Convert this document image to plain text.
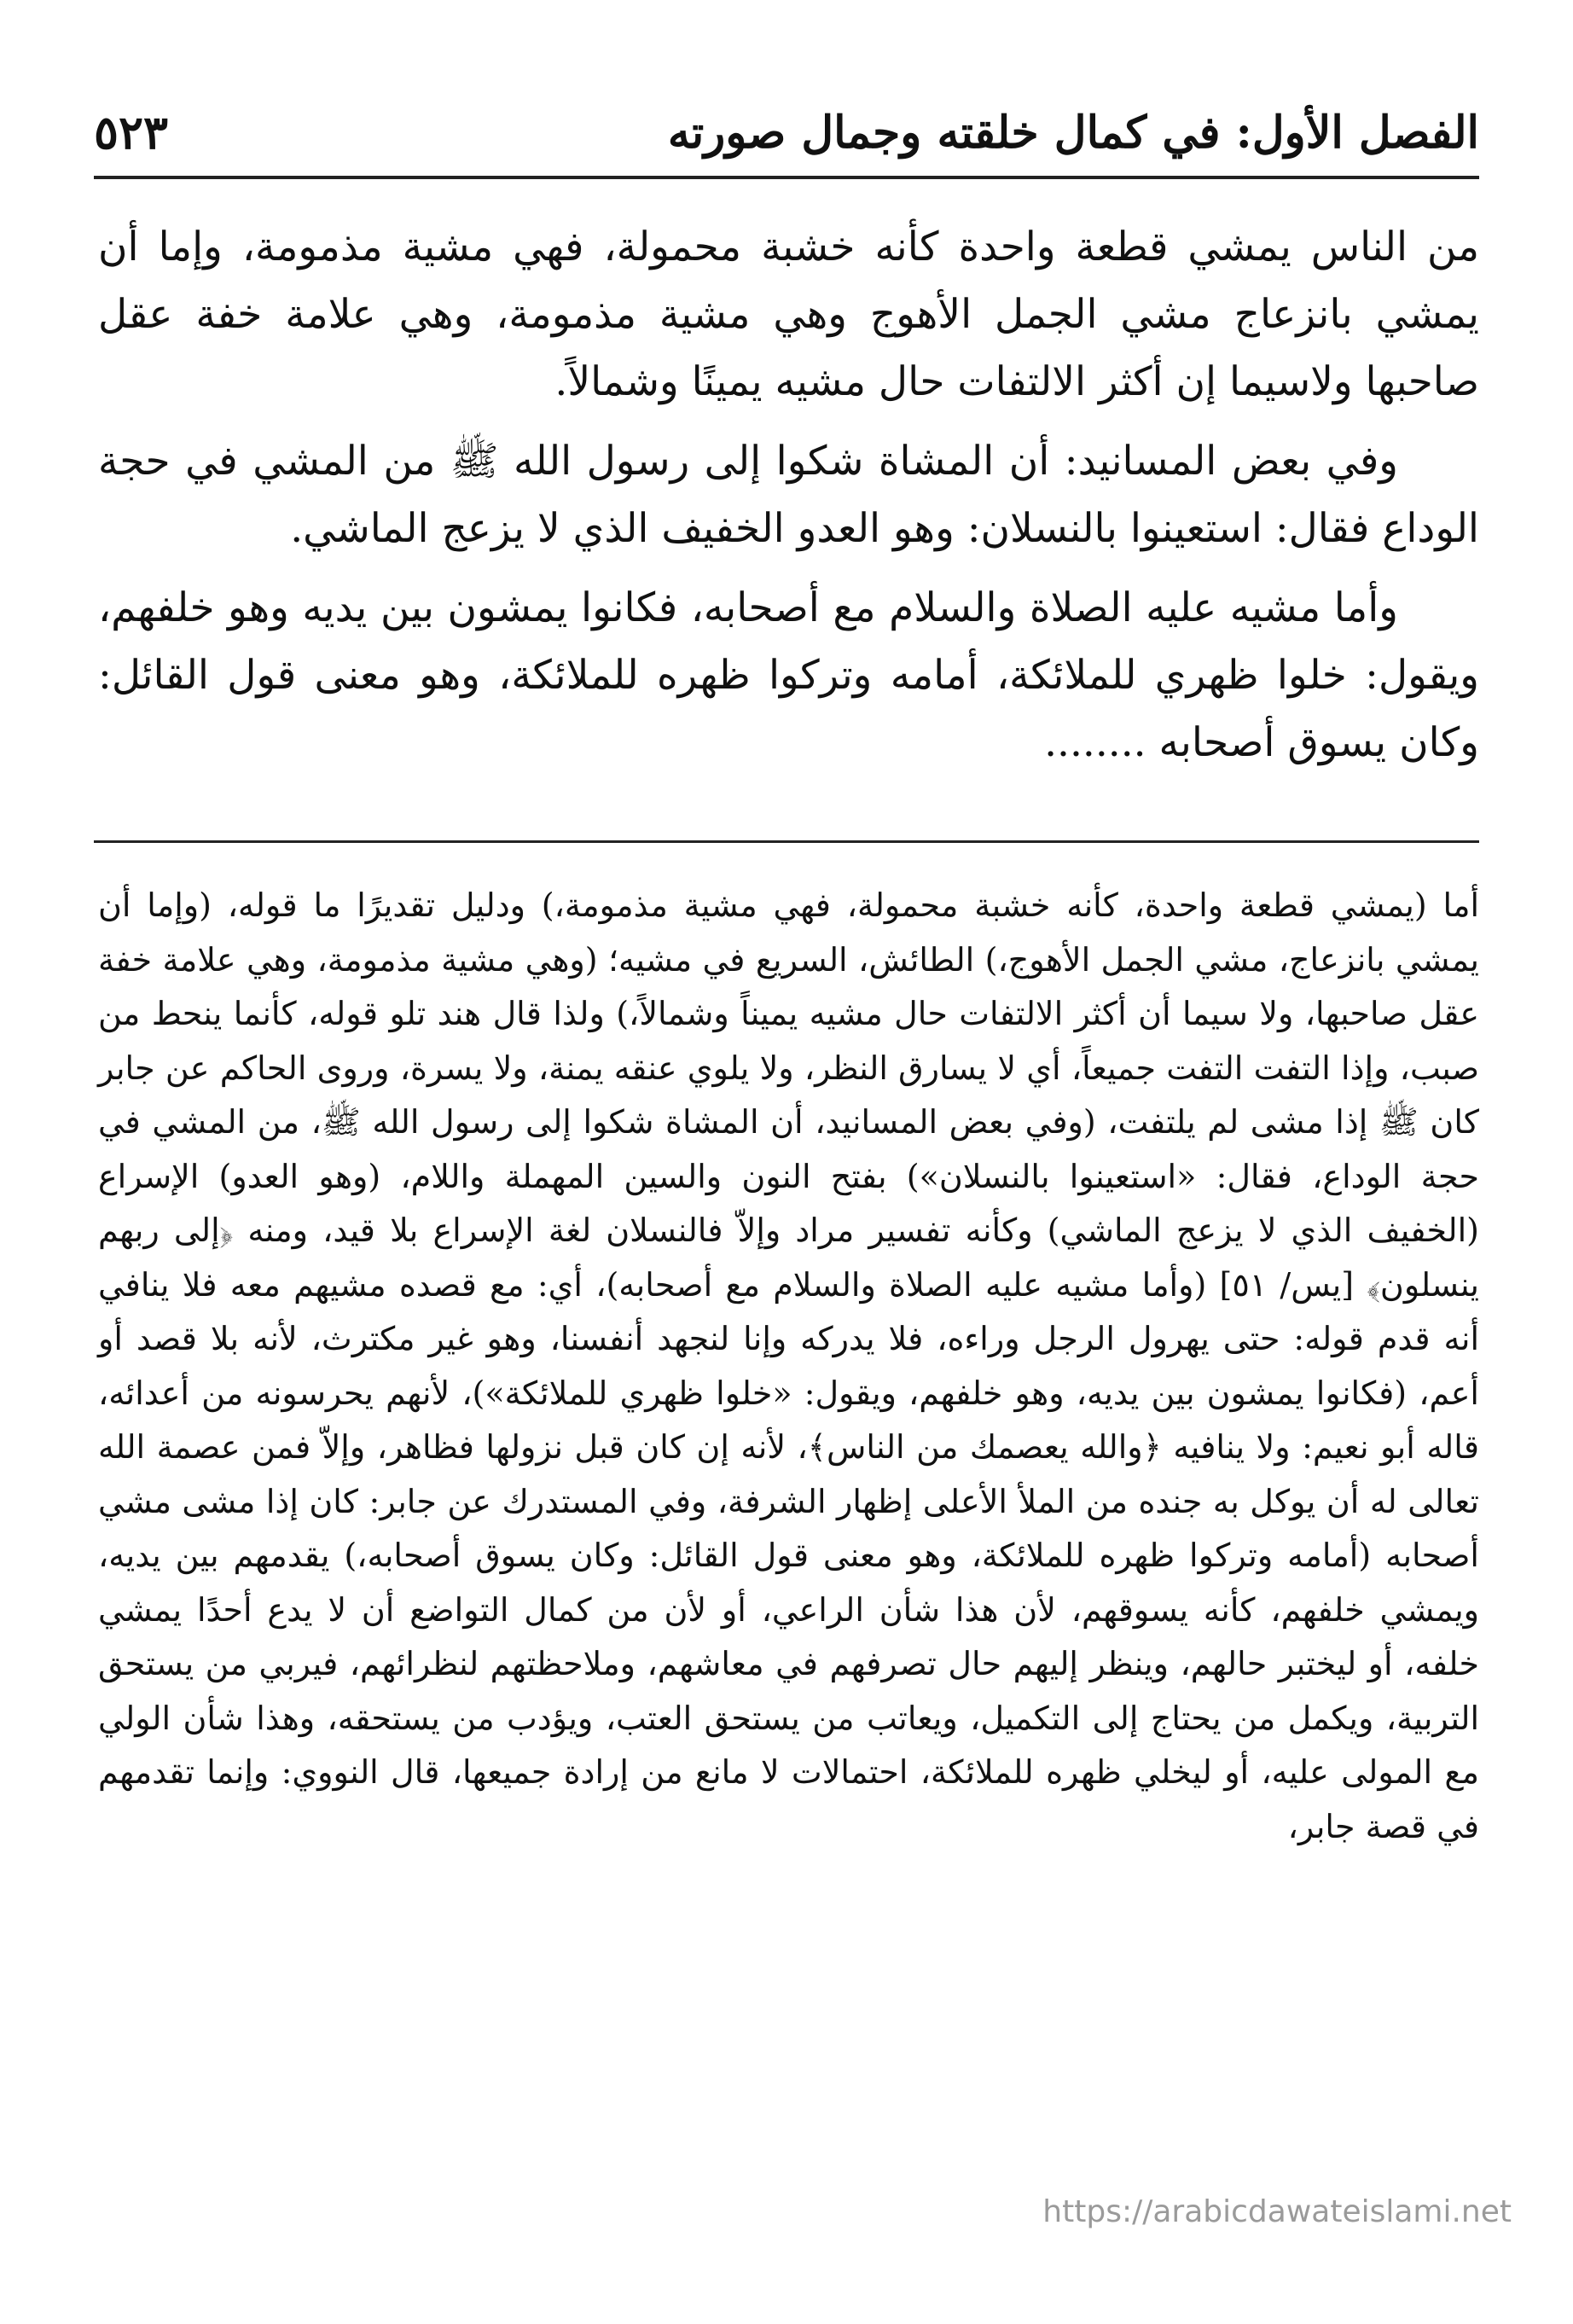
الفصل الأول: في كمال خلقته وجمال صورته
٥٢٣

من الناس يمشي قطعة واحدة كأنه خشبة محمولة، فهي مشية مذمومة، وإما أن يمشي بانزعاج مشي الجمل الأهوج وهي مشية مذمومة، وهي علامة خفة عقل صاحبها ولاسيما إن أكثر الالتفات حال مشيه يمينًا وشمالاً.

وفي بعض المسانيد: أن المشاة شكوا إلى رسول الله ﷺ من المشي في حجة الوداع فقال: استعينوا بالنسلان: وهو العدو الخفيف الذي لا يزعج الماشي.

وأما مشيه عليه الصلاة والسلام مع أصحابه، فكانوا يمشون بين يديه وهو خلفهم، ويقول: خلوا ظهري للملائكة، أمامه وتركوا ظهره للملائكة، وهو معنى قول القائل: وكان يسوق أصحابه ........

أما (يمشي قطعة واحدة، كأنه خشبة محمولة، فهي مشية مذمومة،) ودليل تقديرًا ما قوله، (وإما أن يمشي بانزعاج، مشي الجمل الأهوج،) الطائش، السريع في مشيه؛ (وهي مشية مذمومة، وهي علامة خفة عقل صاحبها، ولا سيما أن أكثر الالتفات حال مشيه يميناً وشمالاً،) ولذا قال هند تلو قوله، كأنما ينحط من صبب، وإذا التفت التفت جميعاً، أي لا يسارق النظر، ولا يلوي عنقه يمنة، ولا يسرة، وروى الحاكم عن جابر كان ﷺ إذا مشى لم يلتفت، (وفي بعض المسانيد، أن المشاة شكوا إلى رسول الله ﷺ، من المشي في حجة الوداع، فقال: «استعينوا بالنسلان») بفتح النون والسين المهملة واللام، (وهو العدو) الإسراع (الخفيف الذي لا يزعج الماشي) وكأنه تفسير مراد وإلاّ فالنسلان لغة الإسراع بلا قيد، ومنه ﴿إلى ربهم ينسلون﴾ [يس/ ٥١] (وأما مشيه عليه الصلاة والسلام مع أصحابه)، أي: مع قصده مشيهم معه فلا ينافي أنه قدم قوله: حتى يهرول الرجل وراءه، فلا يدركه وإنا لنجهد أنفسنا، وهو غير مكترث، لأنه بلا قصد أو أعم، (فكانوا يمشون بين يديه، وهو خلفهم، ويقول: «خلوا ظهري للملائكة»)، لأنهم يحرسونه من أعدائه، قاله أبو نعيم: ولا ينافيه ﴿والله يعصمك من الناس﴾، لأنه إن كان قبل نزولها فظاهر، وإلاّ فمن عصمة الله تعالى له أن يوكل به جنده من الملأ الأعلى إظهار الشرفة، وفي المستدرك عن جابر: كان إذا مشى مشي أصحابه (أمامه وتركوا ظهره للملائكة، وهو معنى قول القائل: وكان يسوق أصحابه،) يقدمهم بين يديه، ويمشي خلفهم، كأنه يسوقهم، لأن هذا شأن الراعي، أو لأن من كمال التواضع أن لا يدع أحدًا يمشي خلفه، أو ليختبر حالهم، وينظر إليهم حال تصرفهم في معاشهم، وملاحظتهم لنظرائهم، فيربي من يستحق التربية، ويكمل من يحتاج إلى التكميل، ويعاتب من يستحق العتب، ويؤدب من يستحقه، وهذا شأن الولي مع المولى عليه، أو ليخلي ظهره للملائكة، احتمالات لا مانع من إرادة جميعها، قال النووي: وإنما تقدمهم في قصة جابر،

https://arabicdawateislami.net
